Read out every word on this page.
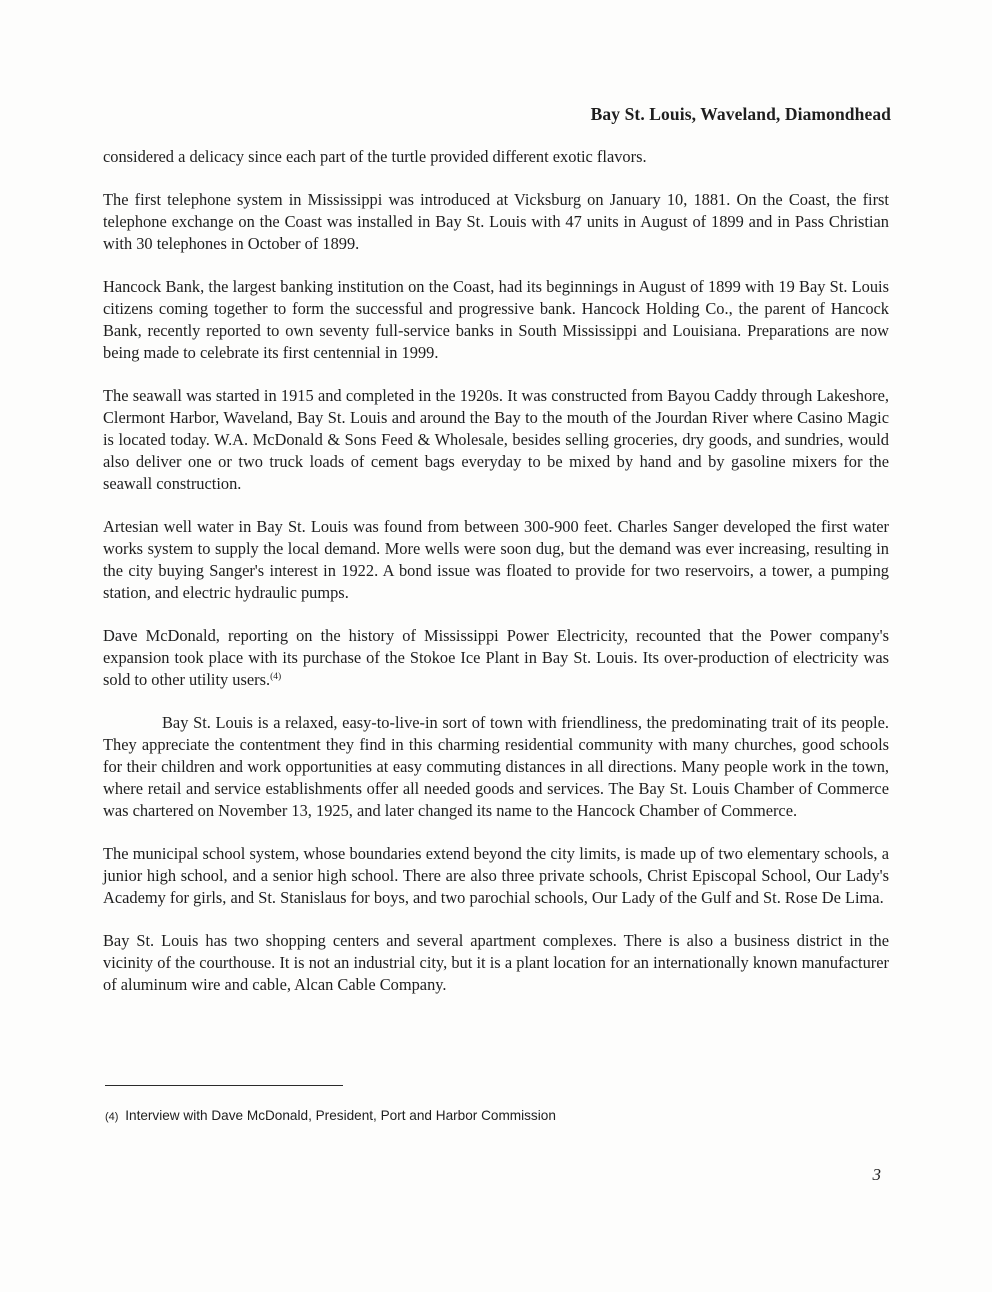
Bay St. Louis, Waveland, Diamondhead

considered a delicacy since each part of the turtle provided different exotic flavors.

The first telephone system in Mississippi was introduced at Vicksburg on January 10, 1881. On the Coast, the first telephone exchange on the Coast was installed in Bay St. Louis with 47 units in August of 1899 and in Pass Christian with 30 telephones in October of 1899.

Hancock Bank, the largest banking institution on the Coast, had its beginnings in August of 1899 with 19 Bay St. Louis citizens coming together to form the successful and progressive bank. Hancock Holding Co., the parent of Hancock Bank, recently reported to own seventy full-service banks in South Mississippi and Louisiana. Preparations are now being made to celebrate its first centennial in 1999.

The seawall was started in 1915 and completed in the 1920s. It was constructed from Bayou Caddy through Lakeshore, Clermont Harbor, Waveland, Bay St. Louis and around the Bay to the mouth of the Jourdan River where Casino Magic is located today. W.A. McDonald & Sons Feed & Wholesale, besides selling groceries, dry goods, and sundries, would also deliver one or two truck loads of cement bags everyday to be mixed by hand and by gasoline mixers for the seawall construction.

Artesian well water in Bay St. Louis was found from between 300-900 feet. Charles Sanger developed the first water works system to supply the local demand. More wells were soon dug, but the demand was ever increasing, resulting in the city buying Sanger's interest in 1922. A bond issue was floated to provide for two reservoirs, a tower, a pumping station, and electric hydraulic pumps.

Dave McDonald, reporting on the history of Mississippi Power Electricity, recounted that the Power company's expansion took place with its purchase of the Stokoe Ice Plant in Bay St. Louis. Its over-production of electricity was sold to other utility users.$^{(4)}$

Bay St. Louis is a relaxed, easy-to-live-in sort of town with friendliness, the predominating trait of its people. They appreciate the contentment they find in this charming residential community with many churches, good schools for their children and work opportunities at easy commuting distances in all directions. Many people work in the town, where retail and service establishments offer all needed goods and services. The Bay St. Louis Chamber of Commerce was chartered on November 13, 1925, and later changed its name to the Hancock Chamber of Commerce.

The municipal school system, whose boundaries extend beyond the city limits, is made up of two elementary schools, a junior high school, and a senior high school. There are also three private schools, Christ Episcopal School, Our Lady's Academy for girls, and St. Stanislaus for boys, and two parochial schools, Our Lady of the Gulf and St. Rose De Lima.

Bay St. Louis has two shopping centers and several apartment complexes. There is also a business district in the vicinity of the courthouse. It is not an industrial city, but it is a plant location for an internationally known manufacturer of aluminum wire and cable, Alcan Cable Company.

(4) Interview with Dave McDonald, President, Port and Harbor Commission
3
